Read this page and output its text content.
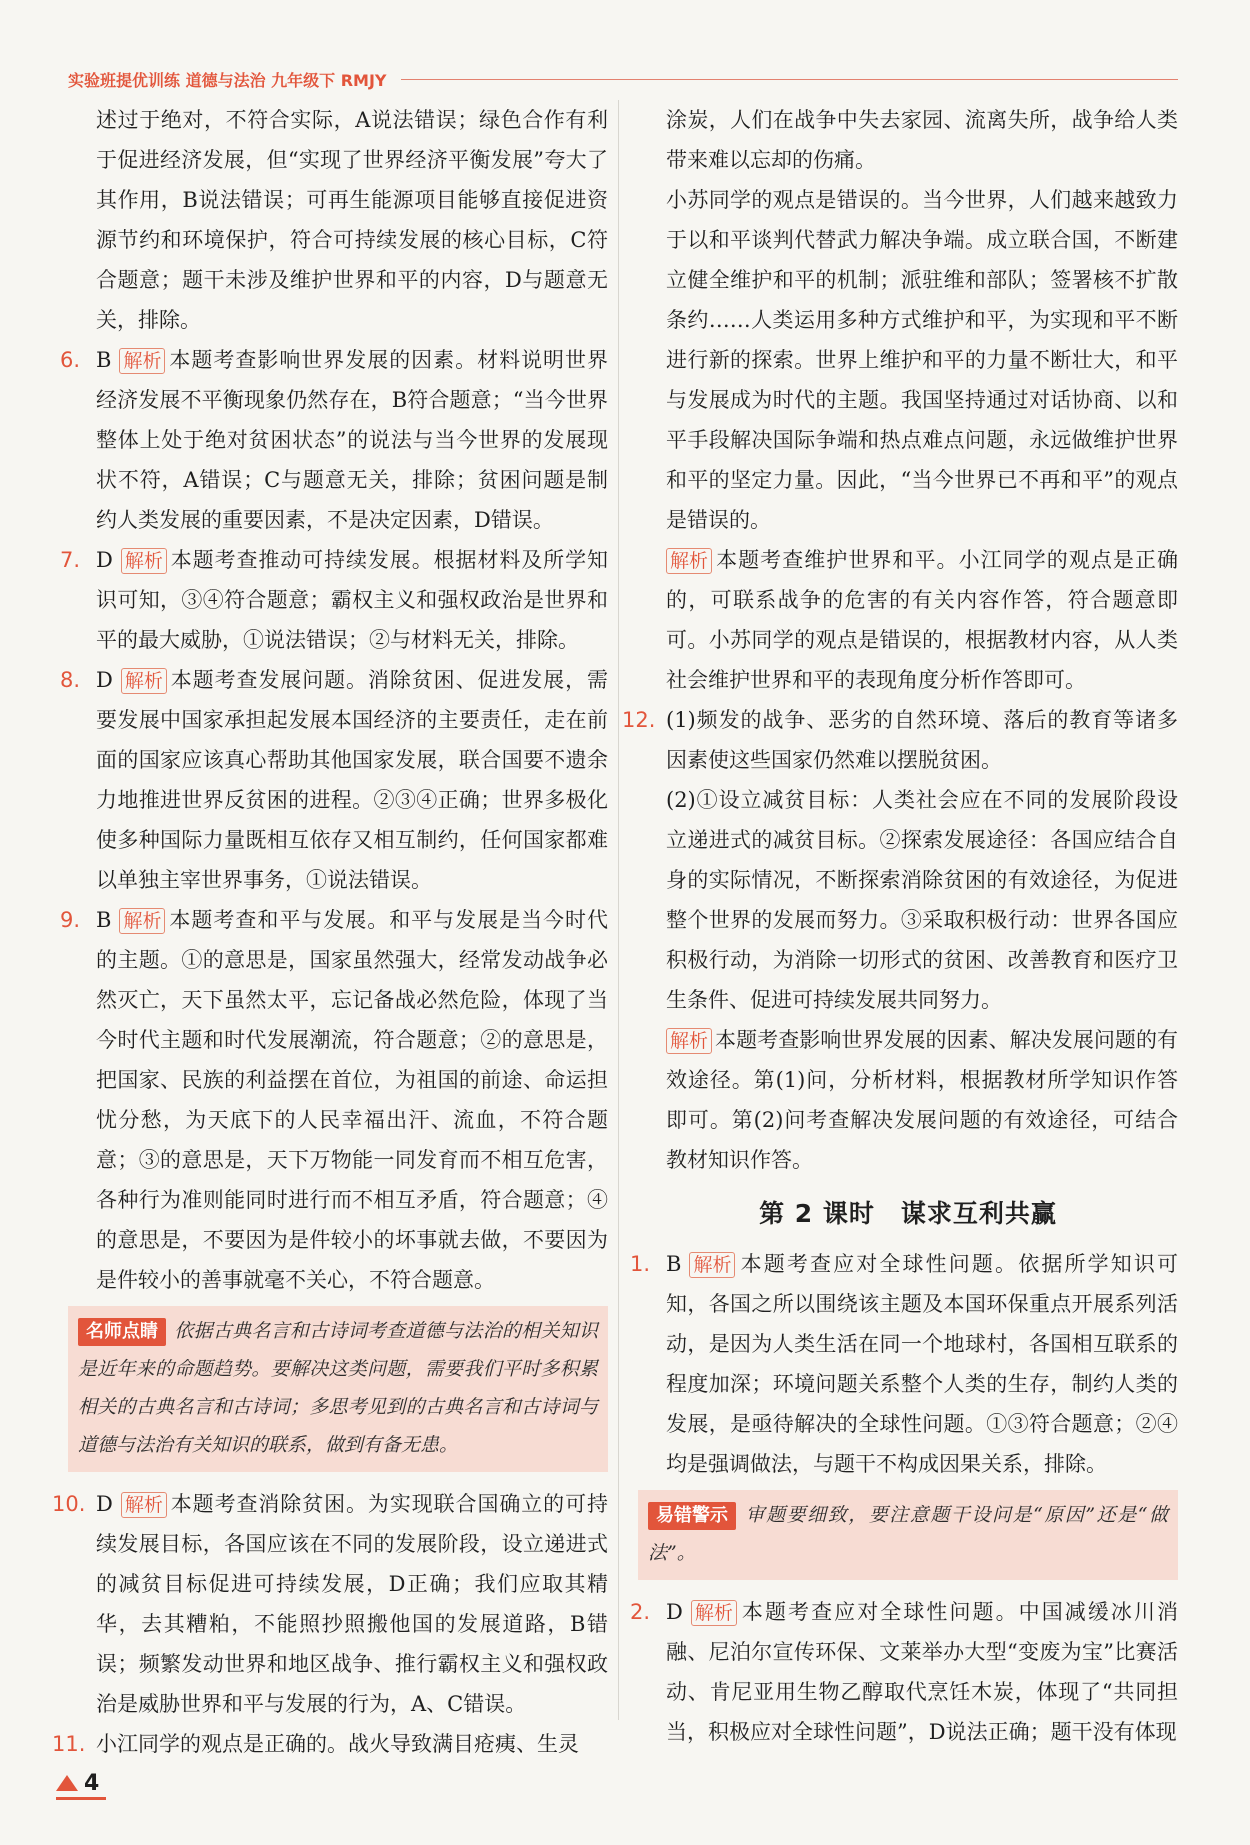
实验班提优训练 道德与法治 九年级下 RMJY

述过于绝对，不符合实际，A说法错误；绿色合作有利于促进经济发展，但“实现了世界经济平衡发展”夸大了其作用，B说法错误；可再生能源项目能够直接促进资源节约和环境保护，符合可持续发展的核心目标，C符合题意；题干未涉及维护世界和平的内容，D与题意无关，排除。

6. B 解析 本题考查影响世界发展的因素。材料说明世界经济发展不平衡现象仍然存在，B符合题意；“当今世界整体上处于绝对贫困状态”的说法与当今世界的发展现状不符，A错误；C与题意无关，排除；贫困问题是制约人类发展的重要因素，不是决定因素，D错误。

7. D 解析 本题考查推动可持续发展。根据材料及所学知识可知，③④符合题意；霸权主义和强权政治是世界和平的最大威胁，①说法错误；②与材料无关，排除。

8. D 解析 本题考查发展问题。消除贫困、促进发展，需要发展中国家承担起发展本国经济的主要责任，走在前面的国家应该真心帮助其他国家发展，联合国要不遗余力地推进世界反贫困的进程。②③④正确；世界多极化使多种国际力量既相互依存又相互制约，任何国家都难以单独主宰世界事务，①说法错误。

9. B 解析 本题考查和平与发展。和平与发展是当今时代的主题。①的意思是，国家虽然强大，经常发动战争必然灭亡，天下虽然太平，忘记备战必然危险，体现了当今时代主题和时代发展潮流，符合题意；②的意思是，把国家、民族的利益摆在首位，为祖国的前途、命运担忧分愁，为天底下的人民幸福出汗、流血，不符合题意；③的意思是，天下万物能一同发育而不相互危害，各种行为准则能同时进行而不相互矛盾，符合题意；④的意思是，不要因为是件较小的坏事就去做，不要因为是件较小的善事就毫不关心，不符合题意。

名师点睛 依据古典名言和古诗词考查道德与法治的相关知识是近年来的命题趋势。要解决这类问题，需要我们平时多积累相关的古典名言和古诗词；多思考见到的古典名言和古诗词与道德与法治有关知识的联系，做到有备无患。

10. D 解析 本题考查消除贫困。为实现联合国确立的可持续发展目标，各国应该在不同的发展阶段，设立递进式的减贫目标促进可持续发展，D正确；我们应取其精华，去其糟粕，不能照抄照搬他国的发展道路，B错误；频繁发动世界和地区战争、推行霸权主义和强权政治是威胁世界和平与发展的行为，A、C错误。

11. 小江同学的观点是正确的。战火导致满目疮痍、生灵

涂炭，人们在战争中失去家园、流离失所，战争给人类带来难以忘却的伤痛。

小苏同学的观点是错误的。当今世界，人们越来越致力于以和平谈判代替武力解决争端。成立联合国，不断建立健全维护和平的机制；派驻维和部队；签署核不扩散条约……人类运用多种方式维护和平，为实现和平不断进行新的探索。世界上维护和平的力量不断壮大，和平与发展成为时代的主题。我国坚持通过对话协商、以和平手段解决国际争端和热点难点问题，永远做维护世界和平的坚定力量。因此，“当今世界已不再和平”的观点是错误的。

解析 本题考查维护世界和平。小江同学的观点是正确的，可联系战争的危害的有关内容作答，符合题意即可。小苏同学的观点是错误的，根据教材内容，从人类社会维护世界和平的表现角度分析作答即可。

12. (1)频发的战争、恶劣的自然环境、落后的教育等诸多因素使这些国家仍然难以摆脱贫困。

(2)①设立减贫目标：人类社会应在不同的发展阶段设立递进式的减贫目标。②探索发展途径：各国应结合自身的实际情况，不断探索消除贫困的有效途径，为促进整个世界的发展而努力。③采取积极行动：世界各国应积极行动，为消除一切形式的贫困、改善教育和医疗卫生条件、促进可持续发展共同努力。

解析 本题考查影响世界发展的因素、解决发展问题的有效途径。第(1)问，分析材料，根据教材所学知识作答即可。第(2)问考查解决发展问题的有效途径，可结合教材知识作答。

第 2 课时　谋求互利共赢

1. B 解析 本题考查应对全球性问题。依据所学知识可知，各国之所以围绕该主题及本国环保重点开展系列活动，是因为人类生活在同一个地球村，各国相互联系的程度加深；环境问题关系整个人类的生存，制约人类的发展，是亟待解决的全球性问题。①③符合题意；②④均是强调做法，与题干不构成因果关系，排除。

易错警示 审题要细致，要注意题干设问是“原因”还是“做法”。

2. D 解析 本题考查应对全球性问题。中国减缓冰川消融、尼泊尔宣传环保、文莱举办大型“变废为宝”比赛活动、肯尼亚用生物乙醇取代烹饪木炭，体现了“共同担当，积极应对全球性问题”，D说法正确；题干没有体现

4
